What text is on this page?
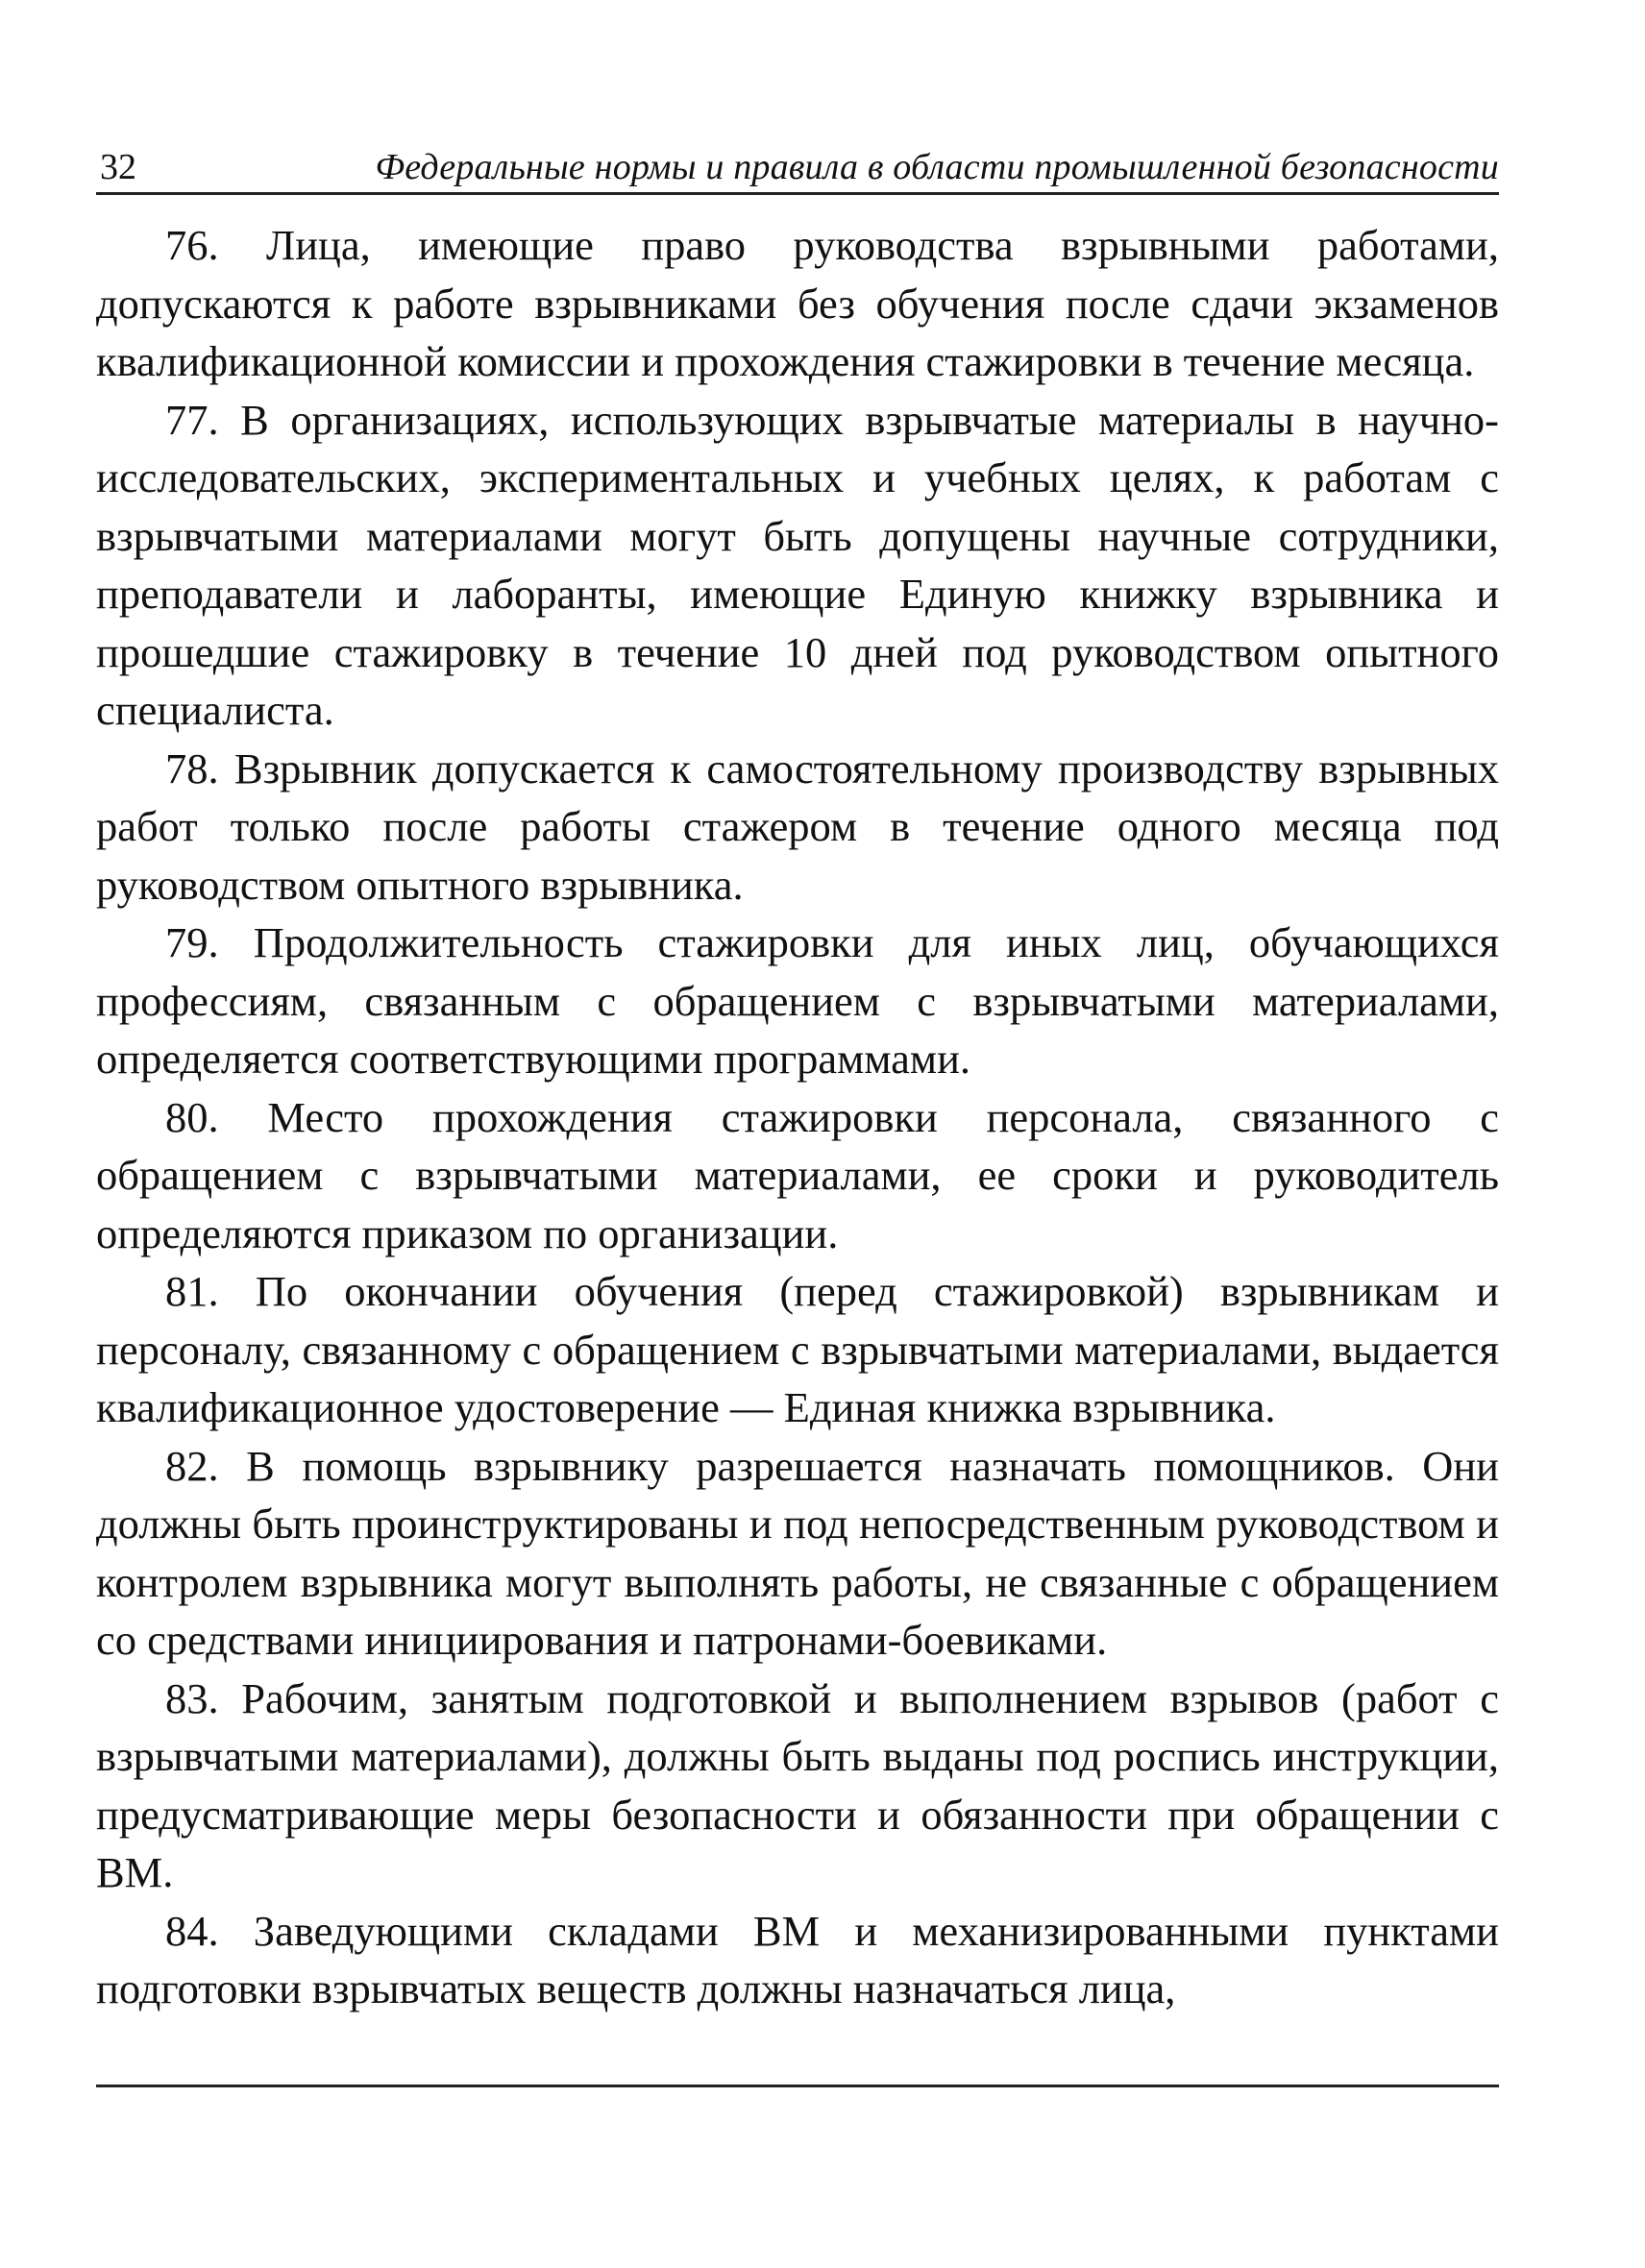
32	Федеральные нормы и правила в области промышленной безопасности

76. Лица, имеющие право руководства взрывными работами, допускаются к работе взрывниками без обучения после сдачи экзаменов квалификационной комиссии и прохождения стажировки в течение месяца.

77. В организациях, использующих взрывчатые материалы в научно-исследовательских, экспериментальных и учебных целях, к работам с взрывчатыми материалами могут быть допущены научные сотрудники, преподаватели и лаборанты, имеющие Единую книжку взрывника и прошедшие стажировку в течение 10 дней под руководством опытного специалиста.

78. Взрывник допускается к самостоятельному производству взрывных работ только после работы стажером в течение одного месяца под руководством опытного взрывника.

79. Продолжительность стажировки для иных лиц, обучающихся профессиям, связанным с обращением с взрывчатыми материалами, определяется соответствующими программами.

80. Место прохождения стажировки персонала, связанного с обращением с взрывчатыми материалами, ее сроки и руководитель определяются приказом по организации.

81. По окончании обучения (перед стажировкой) взрывникам и персоналу, связанному с обращением с взрывчатыми материалами, выдается квалификационное удостоверение — Единая книжка взрывника.

82. В помощь взрывнику разрешается назначать помощников. Они должны быть проинструктированы и под непосредственным руководством и контролем взрывника могут выполнять работы, не связанные с обращением со средствами инициирования и патронами-боевиками.

83. Рабочим, занятым подготовкой и выполнением взрывов (работ с взрывчатыми материалами), должны быть выданы под роспись инструкции, предусматривающие меры безопасности и обязанности при обращении с ВМ.

84. Заведующими складами ВМ и механизированными пунктами подготовки взрывчатых веществ должны назначаться лица,
